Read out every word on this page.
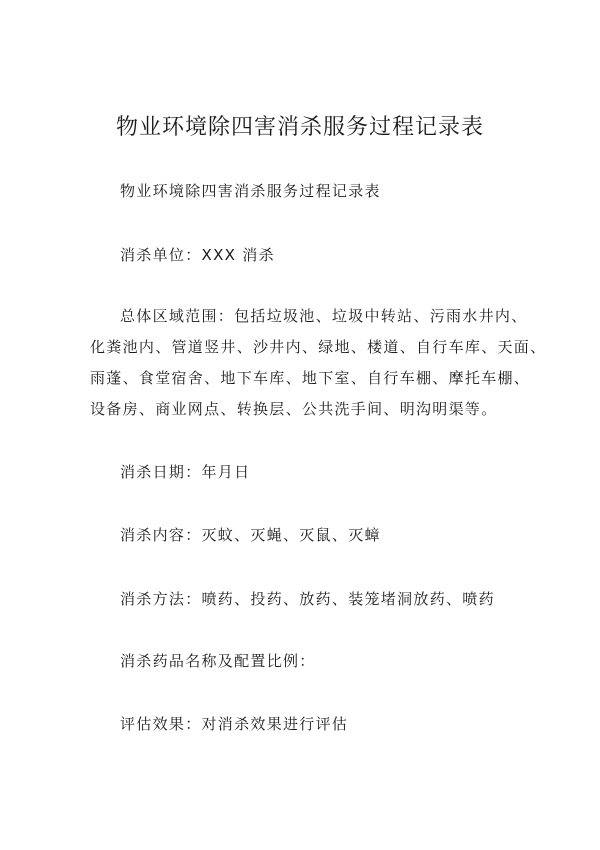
物业环境除四害消杀服务过程记录表
物业环境除四害消杀服务过程记录表
消杀单位：XXX 消杀
总体区域范围：包括垃圾池、垃圾中转站、污雨水井内、
化粪池内、管道竖井、沙井内、绿地、楼道、自行车库、天面、
雨蓬、食堂宿舍、地下车库、地下室、自行车棚、摩托车棚、
设备房、商业网点、转换层、公共洗手间、明沟明渠等。
消杀日期：年月日
消杀内容：灭蚊、灭蝇、灭鼠、灭蟑
消杀方法：喷药、投药、放药、装笼堵洞放药、喷药
消杀药品名称及配置比例：
评估效果：对消杀效果进行评估
